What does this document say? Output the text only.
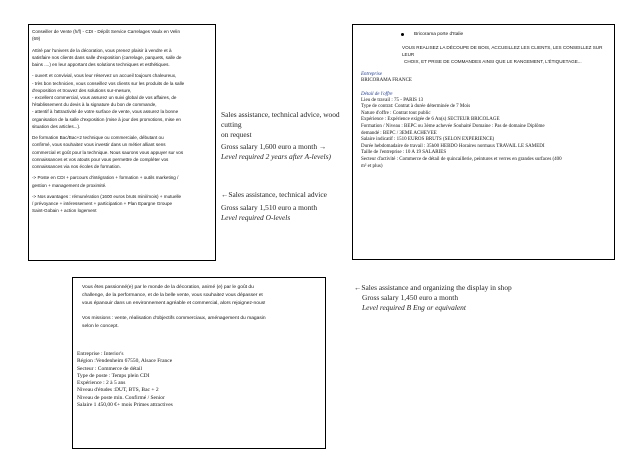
Conseiller de Vente (h/f) - CDI - Dépôt Service Carrelages Vaulx en Velin
(69)
Attiré par l'univers de la décoration, vous prenez plaisir à vendre et à
satisfaire nos clients dans salle d'exposition (carrelage, parquets, salle de
bains ....) en leur apportant des solutions techniques et esthétiques.
- ouvert et convivial, vous leur réservez un accueil toujours chaleureux,
- très bon technicien, vous conseillez vos clients sur les produits de la salle
d'exposition et trouvez des solutions sur-mesure,
- excellent commercial, vous assurez un suivi global de vos affaires, de
l'établissement du devis à la signature du bon de commande,
- attentif à l'attractivité de votre surface de vente, vous assurez la bonne
organisation de la salle d'exposition (mise à jour des promotions, mise en
situation des articles...).
De formation Bac/Bac+2 technique ou commerciale, débutant ou
confirmé, vous souhaitez vous investir dans un métier alliant sens
commercial et goût pour la technique. Nous saurons vous appuyer sur vos
connaissances et vos atouts pour vous permettre de compléter vos
connaissances via nos écoles de formation.
-> Poste en CDI + parcours d'intégration + formation + outils marketing /
gestion + management de proximité.
-> Nos avantages : rémunération (1600 euros bruts mini/mois) + mutuelle
/ prévoyance + intéressement + participation + Plan Epargne Groupe
Saint-Gobain + action logement
Sales assistance, technical advice, wood cutting
on request
Gross salary 1,600 euro a month →
Level required 2 years after A-levels)
←Sales assistance, technical advice
Gross salary 1,510 euro a month
Level required O-levels
Bricorama porte d'Italie
VOUS REALISEZ LA DÉCOUPE DE BOIS, ACCUEILLEZ LES CLIENTS, LES CONSEILLEZ SUR LEUR
CHOIX, ET PRISE DE COMMANDES AINSI QUE LE RANGEMENT, L'ÉTIQUETAGE...
Entreprise
BRICORAMA FRANCE
Détail de l'offre
Lieu de travail : 75 - PARIS 13
Type de contrat: Contrat à durée déterminée de 7 Mois
Nature d'offre : Contrat tout public
Expérience : Expérience exigée de 6 An(s) SECTEUR BRICOLAGE
Formation / Niveau : BEPC ou 3ème achevée Souhaité Domaine : Pas de domaine Diplôme
demandé : BEPC / 3EME ACHEVEE
Salaire indicatif : 1510 EUROS BRUTS (SELON EXPERIENCE)
Durée hebdomadaire de travail : 35h00 HEBDO Horaires normaux TRAVAIL LE SAMEDI
Taille de l'entreprise : 10 A 19 SALARIES
Secteur d'activité : Commerce de détail de quincaillerie, peintures et verres en grandes surfaces (400
m² et plus)
Vous êtes passionné(e) par le monde de la décoration, animé (e) par le goût du
challenge, de la performance, et de la belle vente, vous souhaitez vous dépasser et
vous épanouir dans un environnement agréable et commercial, alors rejoignez-nous!
Vos missions : vente, réalisation d'objectifs commerciaux, aménagement du magasin
selon le concept.
Entreprise : Interior's
Région :Vendenheim 67550, Alsace France
Secteur : Commerce de détail
Type de poste : Temps plein CDI
Expérience : 2 à 5 ans
Niveau d'études :DUT, BTS, Bac + 2
Niveau de poste min. Confirmé / Senior
Salaire 1 450,00 €+ mois Primes attractives
←Sales assistance and organizing the display in shop
Gross salary 1,450 euro a month
Level required B Eng or equivalent
